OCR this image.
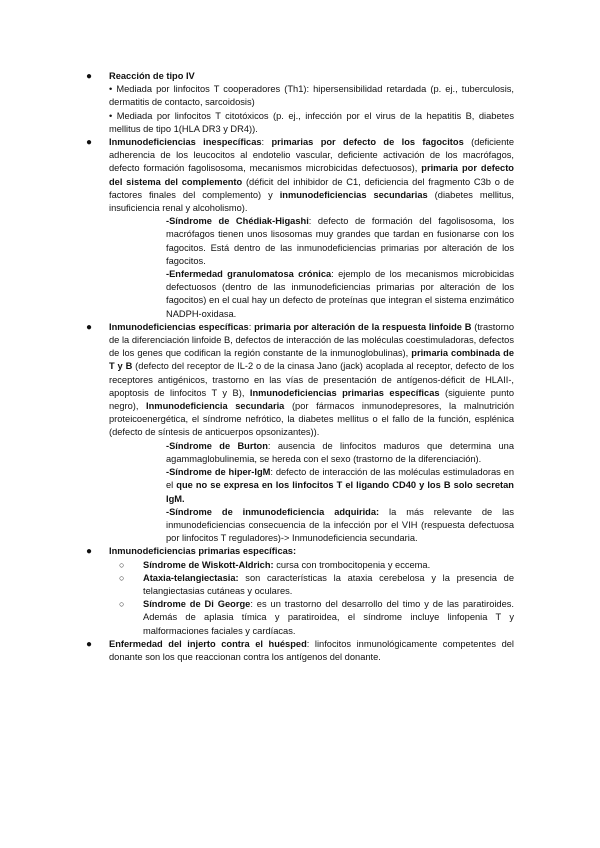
● Reacción de tipo IV
• Mediada por linfocitos T cooperadores (Th1): hipersensibilidad retardada (p. ej., tuberculosis, dermatitis de contacto, sarcoidosis)
• Mediada por linfocitos T citotóxicos (p. ej., infección por el virus de la hepatitis B, diabetes mellitus de tipo 1(HLA DR3 y DR4)).
● Inmunodeficiencias inespecíficas: primarias por defecto de los fagocitos (deficiente adherencia de los leucocitos al endotelio vascular, deficiente activación de los macrófagos, defecto formación fagolisosoma, mecanismos microbicidas defectuosos), primaria por defecto del sistema del complemento (déficit del inhibidor de C1, deficiencia del fragmento C3b o de factores finales del complemento) y inmunodeficiencias secundarias (diabetes mellitus, insuficiencia renal y alcoholismo).
-Síndrome de Chédiak-Higashi: defecto de formación del fagolisosoma, los macrófagos tienen unos lisosomas muy grandes que tardan en fusionarse con los fagocitos. Está dentro de las inmunodeficiencias primarias por alteración de los fagocitos.
-Enfermedad granulomatosa crónica: ejemplo de los mecanismos microbicidas defectuosos (dentro de las inmunodeficiencias primarias por alteración de los fagocitos) en el cual hay un defecto de proteínas que integran el sistema enzimático NADPH-oxidasa.
● Inmunodeficiencias específicas: primaria por alteración de la respuesta linfoide B (trastorno de la diferenciación linfoide B, defectos de interacción de las moléculas coestimuladoras, defectos de los genes que codifican la región constante de la inmunoglobulinas), primaria combinada de T y B (defecto del receptor de IL-2 o de la cinasa Jano (jack) acoplada al receptor, defecto de los receptores antigénicos, trastorno en las vías de presentación de antígenos-déficit de HLAII-, apoptosis de linfocitos T y B), Inmunodeficiencias primarias específicas (siguiente punto negro), Inmunodeficiencia secundaria (por fármacos inmunodepresores, la malnutrición proteicoenergética, el síndrome nefrótico, la diabetes mellitus o el fallo de la función, esplénica (defecto de síntesis de anticuerpos opsonizantes)).
-Síndrome de Burton: ausencia de linfocitos maduros que determina una agammaglobulinemia, se hereda con el sexo (trastorno de la diferenciación).
-Síndrome de hiper-IgM: defecto de interacción de las moléculas estimuladoras en el que no se expresa en los linfocitos T el ligando CD40 y los B solo secretan IgM.
-Síndrome de inmunodeficiencia adquirida: la más relevante de las inmunodeficiencias consecuencia de la infección por el VIH (respuesta defectuosa por linfocitos T reguladores)-> Inmunodeficiencia secundaria.
● Inmunodeficiencias primarias específicas:
○ Síndrome de Wiskott-Aldrich: cursa con trombocitopenia y eccema.
○ Ataxia-telangiectasia: son características la ataxia cerebelosa y la presencia de telangiectasias cutáneas y oculares.
○ Síndrome de Di George: es un trastorno del desarrollo del timo y de las paratiroides. Además de aplasia tímica y paratiroidea, el síndrome incluye linfopenia T y malformaciones faciales y cardíacas.
● Enfermedad del injerto contra el huésped: linfocitos inmunológicamente competentes del donante son los que reaccionan contra los antígenos del donante.
